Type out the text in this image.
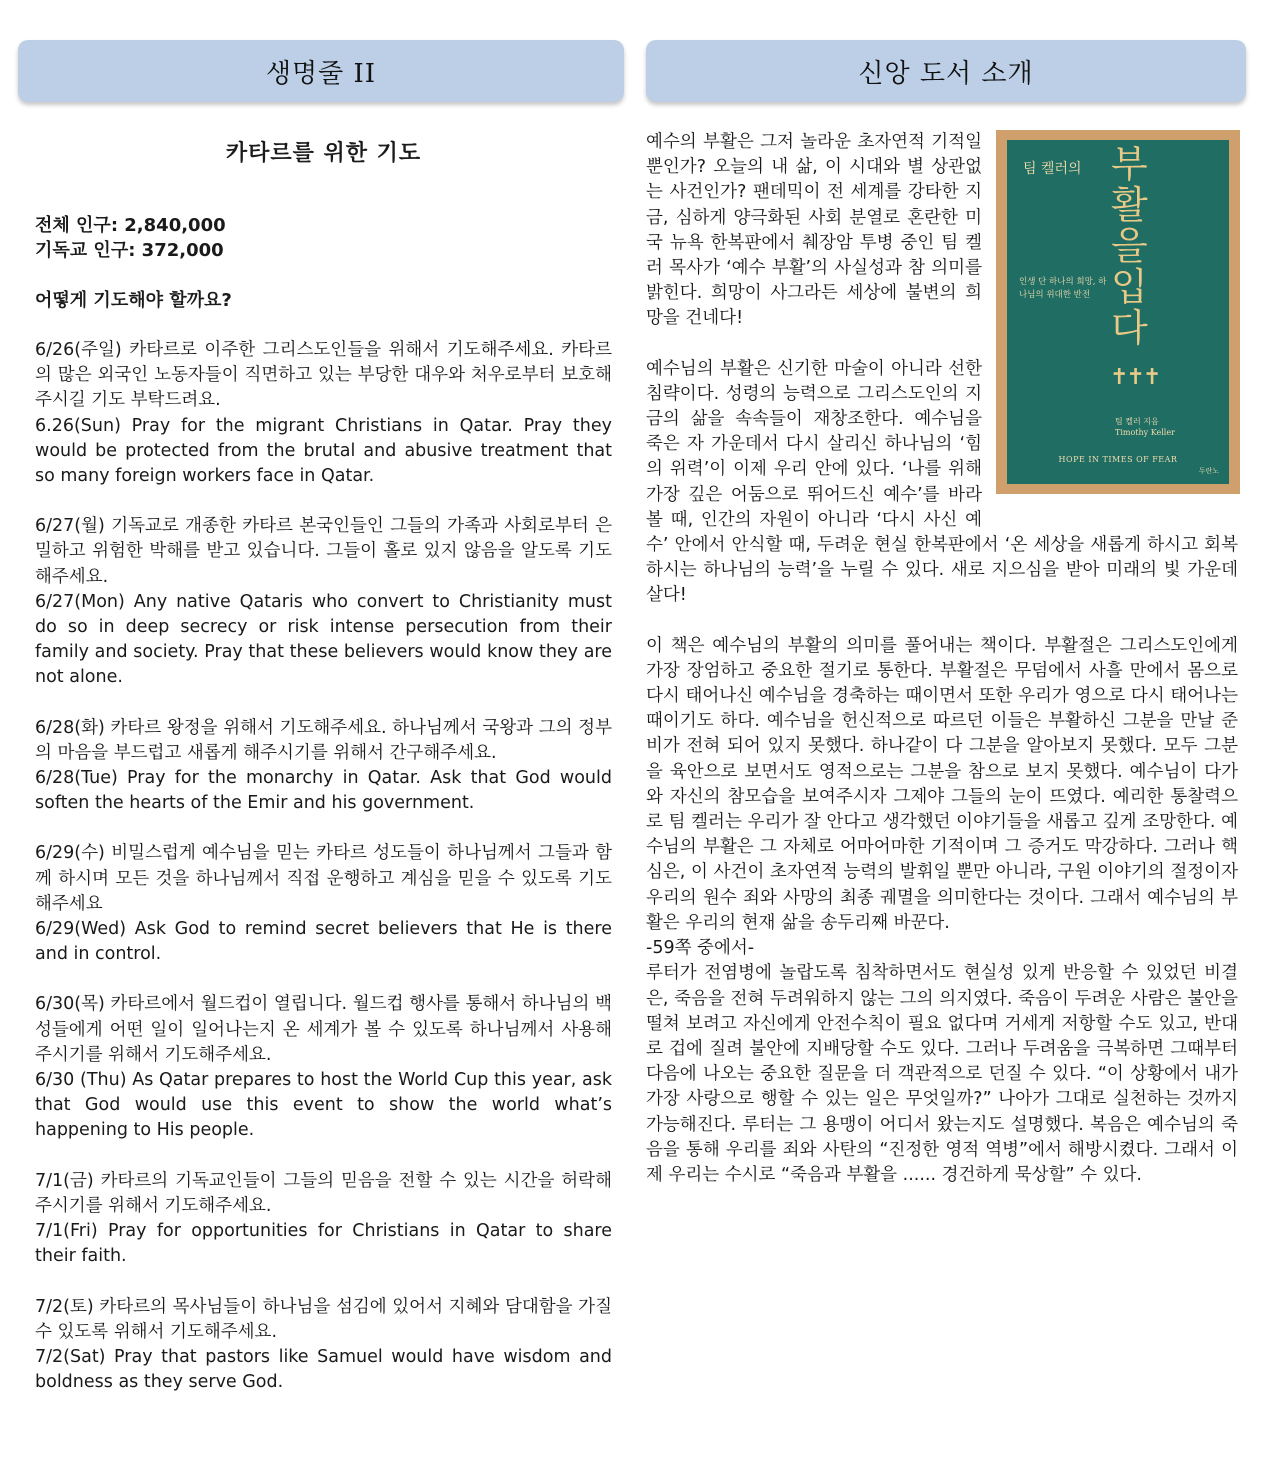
생명줄 II
카타르를 위한 기도
전체 인구: 2,840,000
기독교 인구: 372,000
어떻게 기도해야 할까요?

6/26(주일) 카타르로 이주한 그리스도인들을 위해서 기도해주세요. 카타르의 많은 외국인 노동자들이 직면하고 있는 부당한 대우와 처우로부터 보호해주시길 기도 부탁드려요.

6.26(Sun) Pray for the migrant Christians in Qatar. Pray they would be protected from the brutal and abusive treatment that so many foreign workers face in Qatar.

6/27(월) 기독교로 개종한 카타르 본국인들인 그들의 가족과 사회로부터 은밀하고 위험한 박해를 받고 있습니다. 그들이 홀로 있지 않음을 알도록 기도해주세요.

6/27(Mon) Any native Qataris who convert to Christianity must do so in deep secrecy or risk intense persecution from their family and society. Pray that these believers would know they are not alone.

6/28(화) 카타르 왕정을 위해서 기도해주세요. 하나님께서 국왕과 그의 정부의 마음을 부드럽고 새롭게 해주시기를 위해서 간구해주세요.

6/28(Tue) Pray for the monarchy in Qatar. Ask that God would soften the hearts of the Emir and his government.

6/29(수) 비밀스럽게 예수님을 믿는 카타르 성도들이 하나님께서 그들과 함께 하시며 모든 것을 하나님께서 직접 운행하고 계심을 믿을 수 있도록 기도해주세요

6/29(Wed) Ask God to remind secret believers that He is there and in control.

6/30(목) 카타르에서 월드컵이 열립니다. 월드컵 행사를 통해서 하나님의 백성들에게 어떤 일이 일어나는지 온 세계가 볼 수 있도록 하나님께서 사용해 주시기를 위해서 기도해주세요.

6/30 (Thu) As Qatar prepares to host the World Cup this year, ask that God would use this event to show the world what’s happening to His people.

7/1(금) 카타르의 기독교인들이 그들의 믿음을 전할 수 있는 시간을 허락해 주시기를 위해서 기도해주세요.

7/1(Fri) Pray for opportunities for Christians in Qatar to share their faith.

7/2(토) 카타르의 목사님들이 하나님을 섬김에 있어서 지혜와 담대함을 가질 수 있도록 위해서 기도해주세요.

7/2(Sat) Pray that pastors like Samuel would have wisdom and boldness as they serve God.

신앙 도서 소개
팀 켈러의 부활을 입다
인생 단 하나의 희망, 하나님의 위대한 반전
✝✝✝
팀 켈러 지음
Timothy Keller
HOPE IN TIMES OF FEAR
두란노

예수의 부활은 그저 놀라운 초자연적 기적일 뿐인가? 오늘의 내 삶, 이 시대와 별 상관없는 사건인가? 팬데믹이 전 세계를 강타한 지금, 심하게 양극화된 사회 분열로 혼란한 미국 뉴욕 한복판에서 췌장암 투병 중인 팀 켈러 목사가 ‘예수 부활’의 사실성과 참 의미를 밝힌다. 희망이 사그라든 세상에 불변의 희망을 건네다!

예수님의 부활은 신기한 마술이 아니라 선한 침략이다. 성령의 능력으로 그리스도인의 지금의 삶을 속속들이 재창조한다. 예수님을 죽은 자 가운데서 다시 살리신 하나님의 ‘힘의 위력’이 이제 우리 안에 있다. ‘나를 위해 가장 깊은 어둠으로 뛰어드신 예수’를 바라볼 때, 인간의 자원이 아니라 ‘다시 사신 예수’ 안에서 안식할 때, 두려운 현실 한복판에서 ‘온 세상을 새롭게 하시고 회복하시는 하나님의 능력’을 누릴 수 있다. 새로 지으심을 받아 미래의 빛 가운데 살다!

이 책은 예수님의 부활의 의미를 풀어내는 책이다. 부활절은 그리스도인에게 가장 장엄하고 중요한 절기로 통한다. 부활절은 무덤에서 사흘 만에서 몸으로 다시 태어나신 예수님을 경축하는 때이면서 또한 우리가 영으로 다시 태어나는 때이기도 하다. 예수님을 헌신적으로 따르던 이들은 부활하신 그분을 만날 준비가 전혀 되어 있지 못했다. 하나같이 다 그분을 알아보지 못했다. 모두 그분을 육안으로 보면서도 영적으로는 그분을 참으로 보지 못했다. 예수님이 다가와 자신의 참모습을 보여주시자 그제야 그들의 눈이 뜨였다. 예리한 통찰력으로 팀 켈러는 우리가 잘 안다고 생각했던 이야기들을 새롭고 깊게 조망한다. 예수님의 부활은 그 자체로 어마어마한 기적이며 그 증거도 막강하다. 그러나 핵심은, 이 사건이 초자연적 능력의 발휘일 뿐만 아니라, 구원 이야기의 절정이자 우리의 원수 죄와 사망의 최종 궤멸을 의미한다는 것이다. 그래서 예수님의 부활은 우리의 현재 삶을 송두리째 바꾼다.

-59쪽 중에서-

루터가 전염병에 놀랍도록 침착하면서도 현실성 있게 반응할 수 있었던 비결은, 죽음을 전혀 두려워하지 않는 그의 의지였다. 죽음이 두려운 사람은 불안을 떨쳐 보려고 자신에게 안전수칙이 필요 없다며 거세게 저항할 수도 있고, 반대로 겁에 질려 불안에 지배당할 수도 있다. 그러나 두려움을 극복하면 그때부터 다음에 나오는 중요한 질문을 더 객관적으로 던질 수 있다. “이 상황에서 내가 가장 사랑으로 행할 수 있는 일은 무엇일까?” 나아가 그대로 실천하는 것까지 가능해진다. 루터는 그 용맹이 어디서 왔는지도 설명했다. 복음은 예수님의 죽음을 통해 우리를 죄와 사탄의 “진정한 영적 역병”에서 해방시켰다. 그래서 이제 우리는 수시로 “죽음과 부활을 ...... 경건하게 묵상할” 수 있다.
